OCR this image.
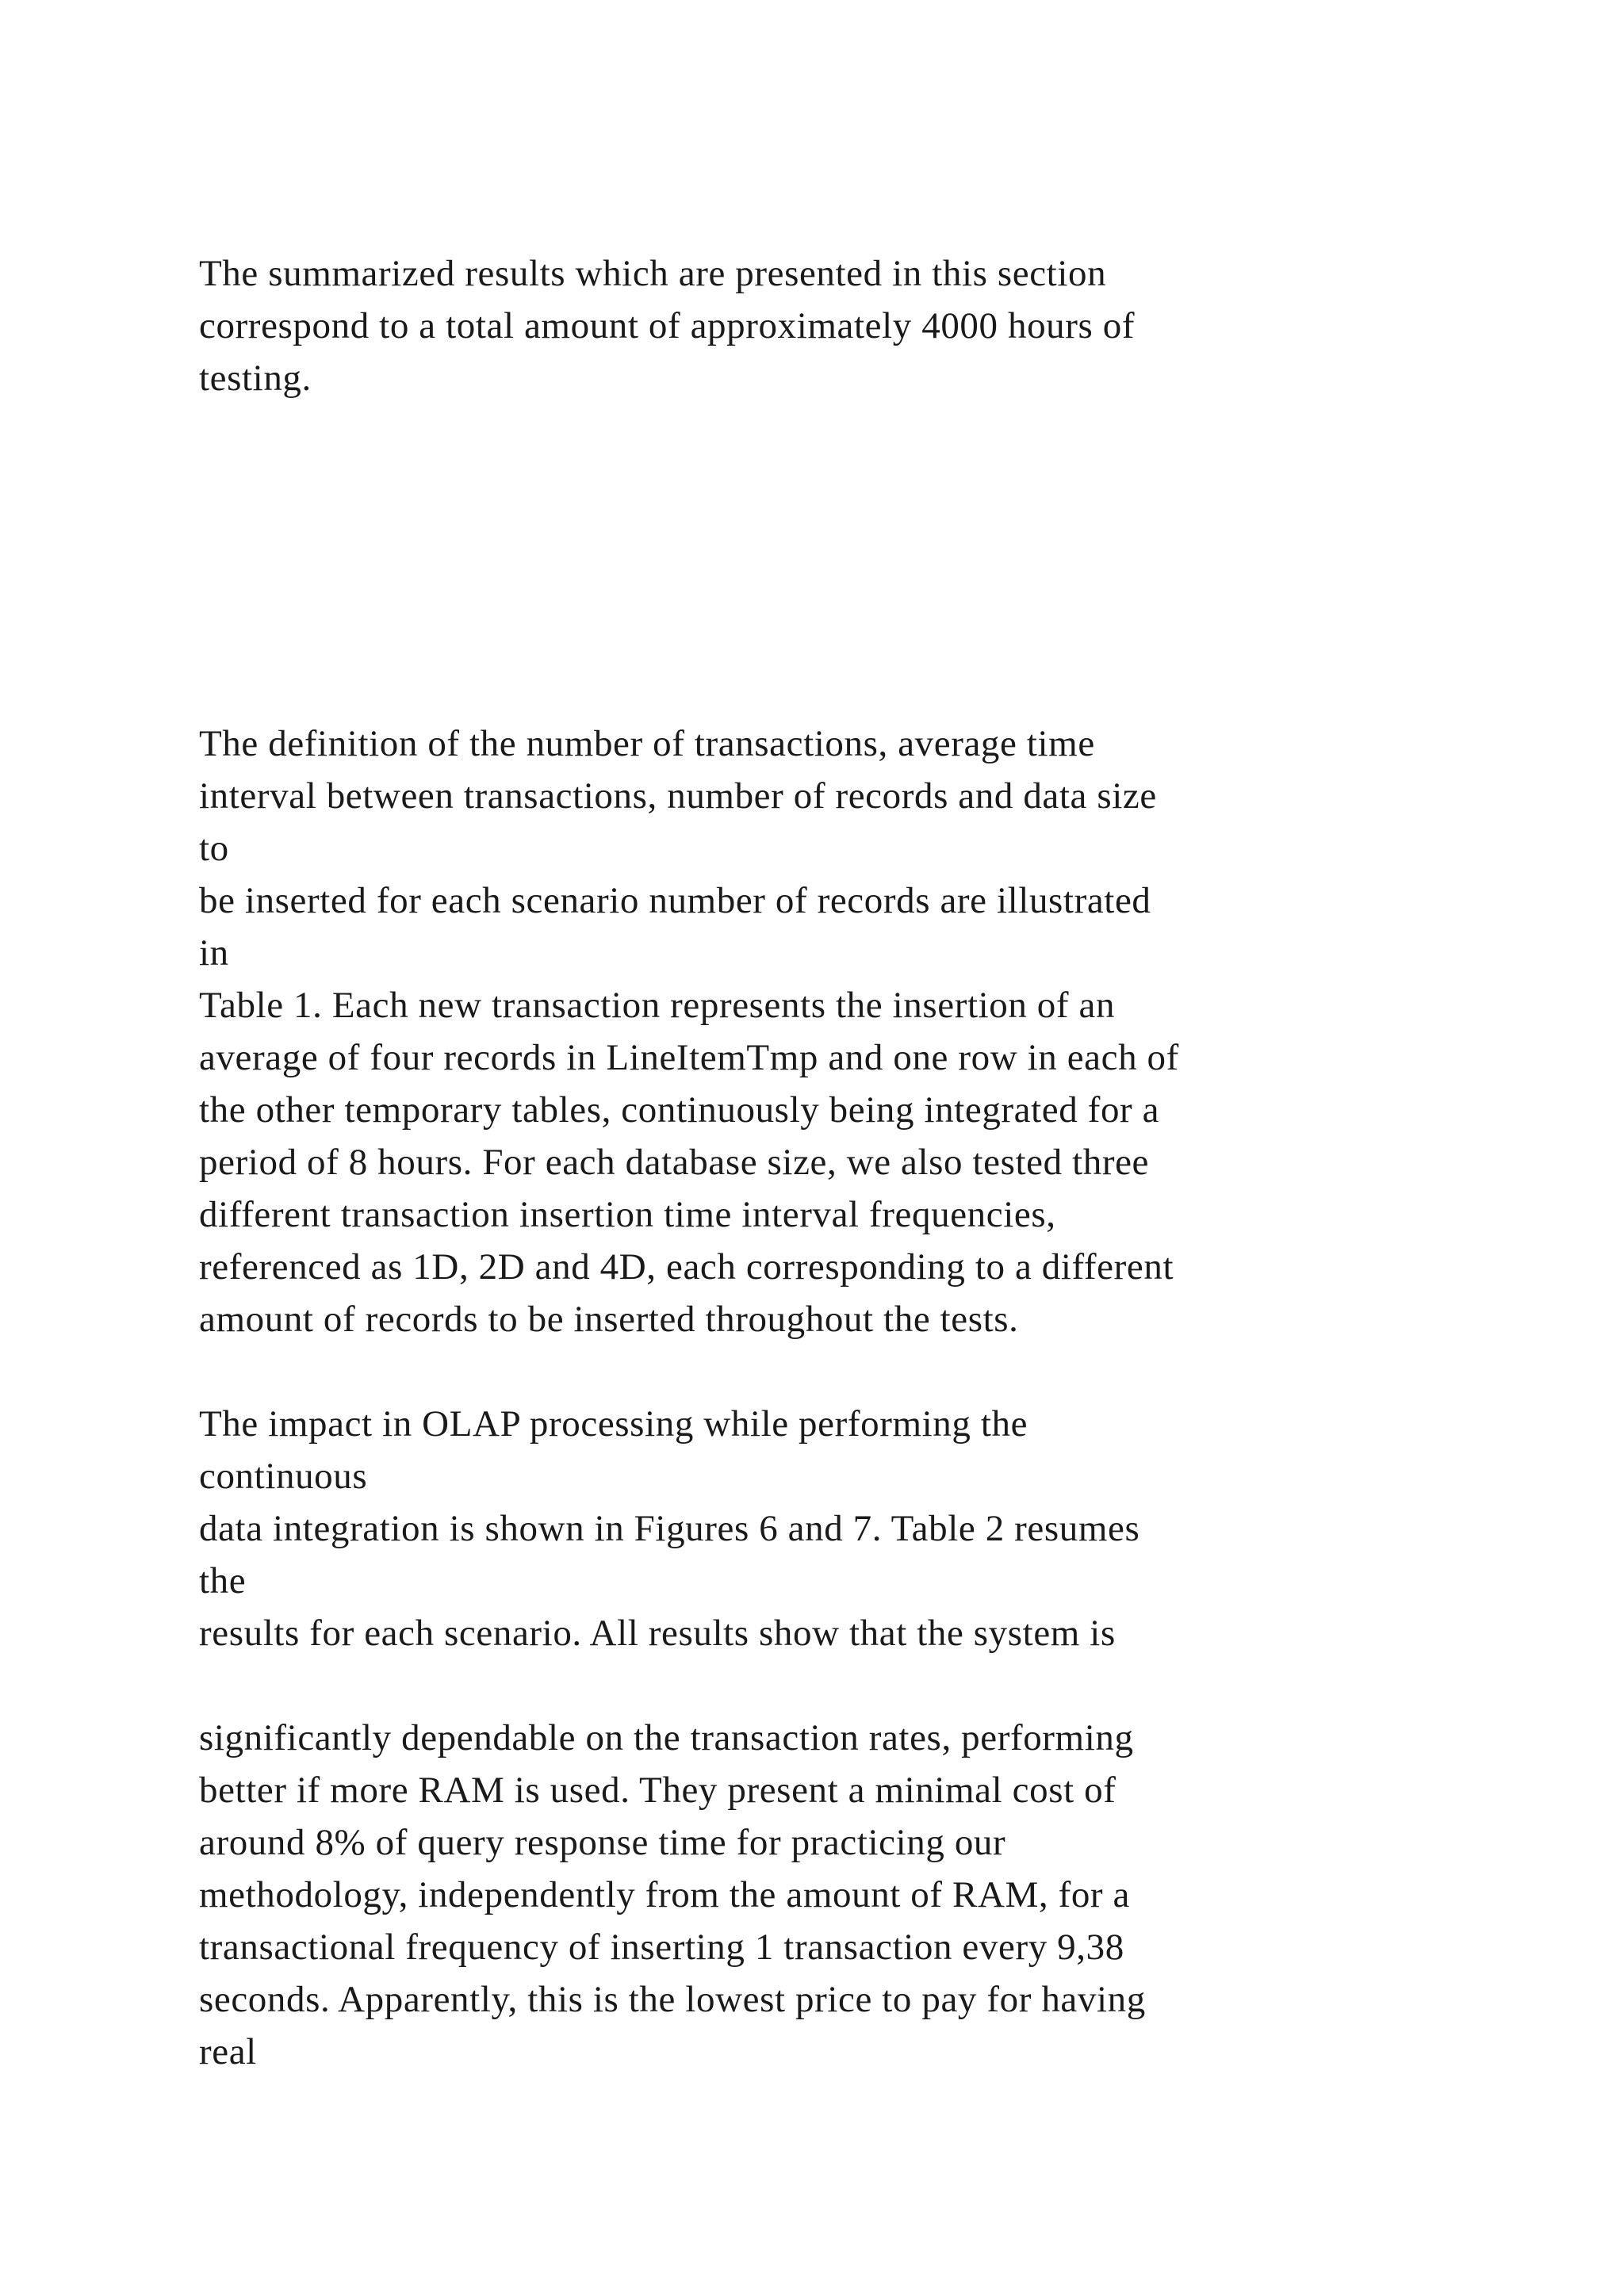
The summarized results which are presented in this section

correspond to a total amount of approximately 4000 hours of

testing.

The definition of the number of transactions, average time

interval between transactions, number of records and data size

to

be inserted for each scenario number of records are illustrated

in

Table 1. Each new transaction represents the insertion of an

average of four records in LineItemTmp and one row in each of

the other temporary tables, continuously being integrated for a

period of 8 hours. For each database size, we also tested three

different transaction insertion time interval frequencies,

referenced as 1D, 2D and 4D, each corresponding to a different

amount of records to be inserted throughout the tests.

The impact in OLAP processing while performing the

continuous

data integration is shown in Figures 6 and 7. Table 2 resumes

the

results for each scenario. All results show that the system is

significantly dependable on the transaction rates, performing

better if more RAM is used. They present a minimal cost of

around 8% of query response time for practicing our

methodology, independently from the amount of RAM, for a

transactional frequency of inserting 1 transaction every 9,38

seconds. Apparently, this is the lowest price to pay for having

real
